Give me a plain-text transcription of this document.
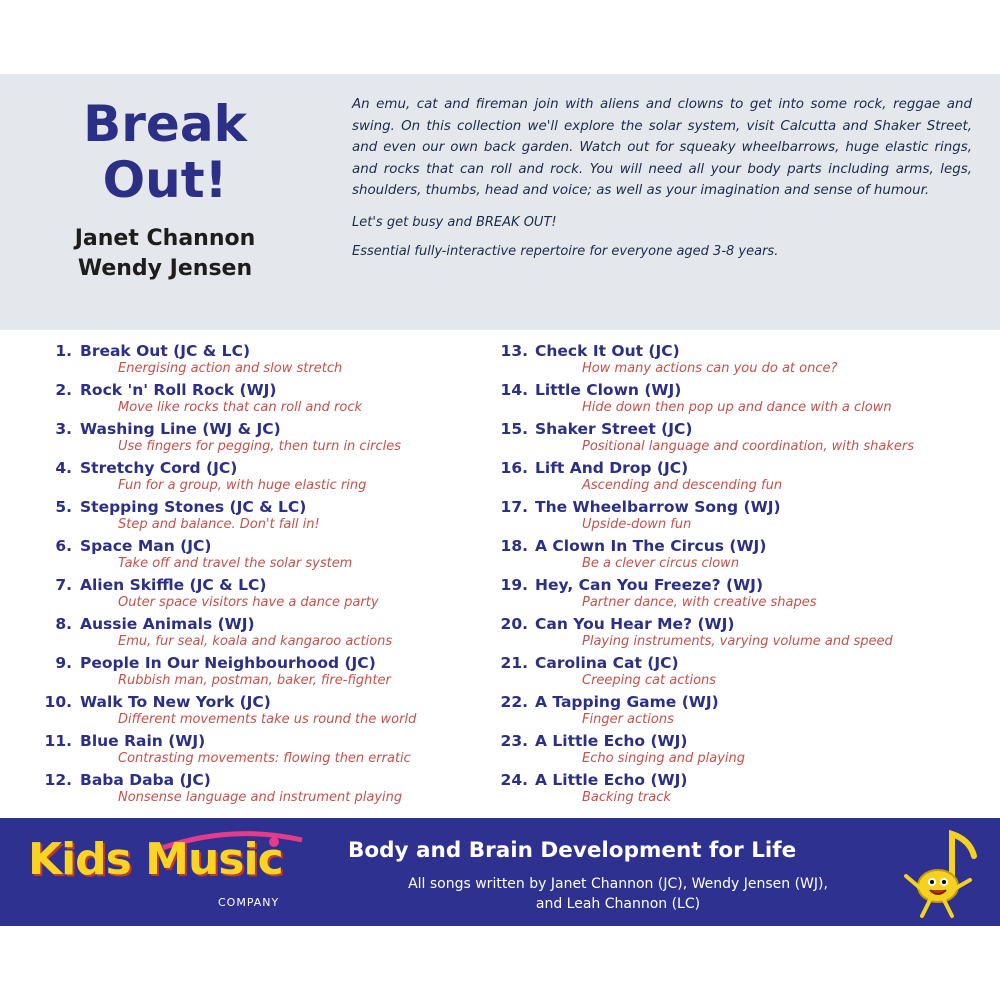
Break Out!
Janet Channon
Wendy Jensen

An emu, cat and fireman join with aliens and clowns to get into some rock, reggae and swing. On this collection we'll explore the solar system, visit Calcutta and Shaker Street, and even our own back garden. Watch out for squeaky wheelbarrows, huge elastic rings, and rocks that can roll and rock. You will need all your body parts including arms, legs, shoulders, thumbs, head and voice; as well as your imagination and sense of humour.

Let's get busy and BREAK OUT!

Essential fully-interactive repertoire for everyone aged 3-8 years.

1. Break Out (JC & LC)
Energising action and slow stretch
2. Rock 'n' Roll Rock (WJ)
Move like rocks that can roll and rock
3. Washing Line (WJ & JC)
Use fingers for pegging, then turn in circles
4. Stretchy Cord (JC)
Fun for a group, with huge elastic ring
5. Stepping Stones (JC & LC)
Step and balance. Don't fall in!
6. Space Man (JC)
Take off and travel the solar system
7. Alien Skiffle (JC & LC)
Outer space visitors have a dance party
8. Aussie Animals (WJ)
Emu, fur seal, koala and kangaroo actions
9. People In Our Neighbourhood (JC)
Rubbish man, postman, baker, fire-fighter
10. Walk To New York (JC)
Different movements take us round the world
11. Blue Rain (WJ)
Contrasting movements: flowing then erratic
12. Baba Daba (JC)
Nonsense language and instrument playing
13. Check It Out (JC)
How many actions can you do at once?
14. Little Clown (WJ)
Hide down then pop up and dance with a clown
15. Shaker Street (JC)
Positional language and coordination, with shakers
16. Lift And Drop (JC)
Ascending and descending fun
17. The Wheelbarrow Song (WJ)
Upside-down fun
18. A Clown In The Circus (WJ)
Be a clever circus clown
19. Hey, Can You Freeze? (WJ)
Partner dance, with creative shapes
20. Can You Hear Me? (WJ)
Playing instruments, varying volume and speed
21. Carolina Cat (JC)
Creeping cat actions
22. A Tapping Game (WJ)
Finger actions
23. A Little Echo (WJ)
Echo singing and playing
24. A Little Echo (WJ)
Backing track
Kids Music
COMPANY
Body and Brain Development for Life
All songs written by Janet Channon (JC), Wendy Jensen (WJ),
and Leah Channon (LC)
